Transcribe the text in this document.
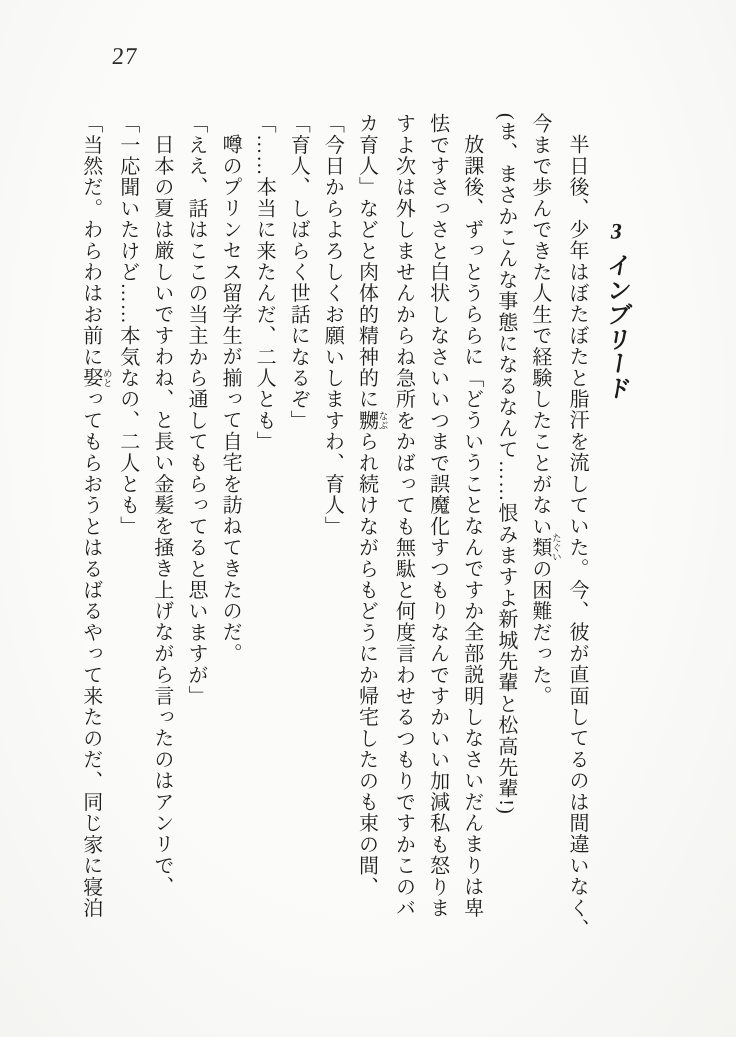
27
3インブリード

半日後、少年はぼたぼたと脂汗を流していた。今、彼が直面してるのは間違いなく、

今まで歩んできた人生で経験したことがない類 たぐいの困難だった。

(ま、まさかこんな事態になるなんて……恨みますよ新城先輩と松高先輩!)

放課後、ずっとうららに「どういうことなんですか全部説明しなさいだんまりは卑

怯ですさっさと白状しなさいいつまで誤魔化すつもりなんですかいい加減私も怒りま

すよ次は外しませんからね急所をかばっても無駄と何度言わせるつもりですかこのバ

カ育人」などと肉体的精神的に嬲 なぶられ続けながらもどうにか帰宅したのも束の間、

「今日からよろしくお願いしますわ、育人」

「育人、しばらく世話になるぞ」

「……本当に来たんだ、二人とも」

噂のプリンセス留学生が揃って自宅を訪ねてきたのだ。

「ええ、話はここの当主から通してもらってると思いますが」

日本の夏は厳しいですわね、と長い金髪を掻き上げながら言ったのはアンリで、

「一応聞いたけど……本気なの、二人とも」

「当然だ。わらわはお前に娶 めとってもらおうとはるばるやって来たのだ、同じ家に寝泊
